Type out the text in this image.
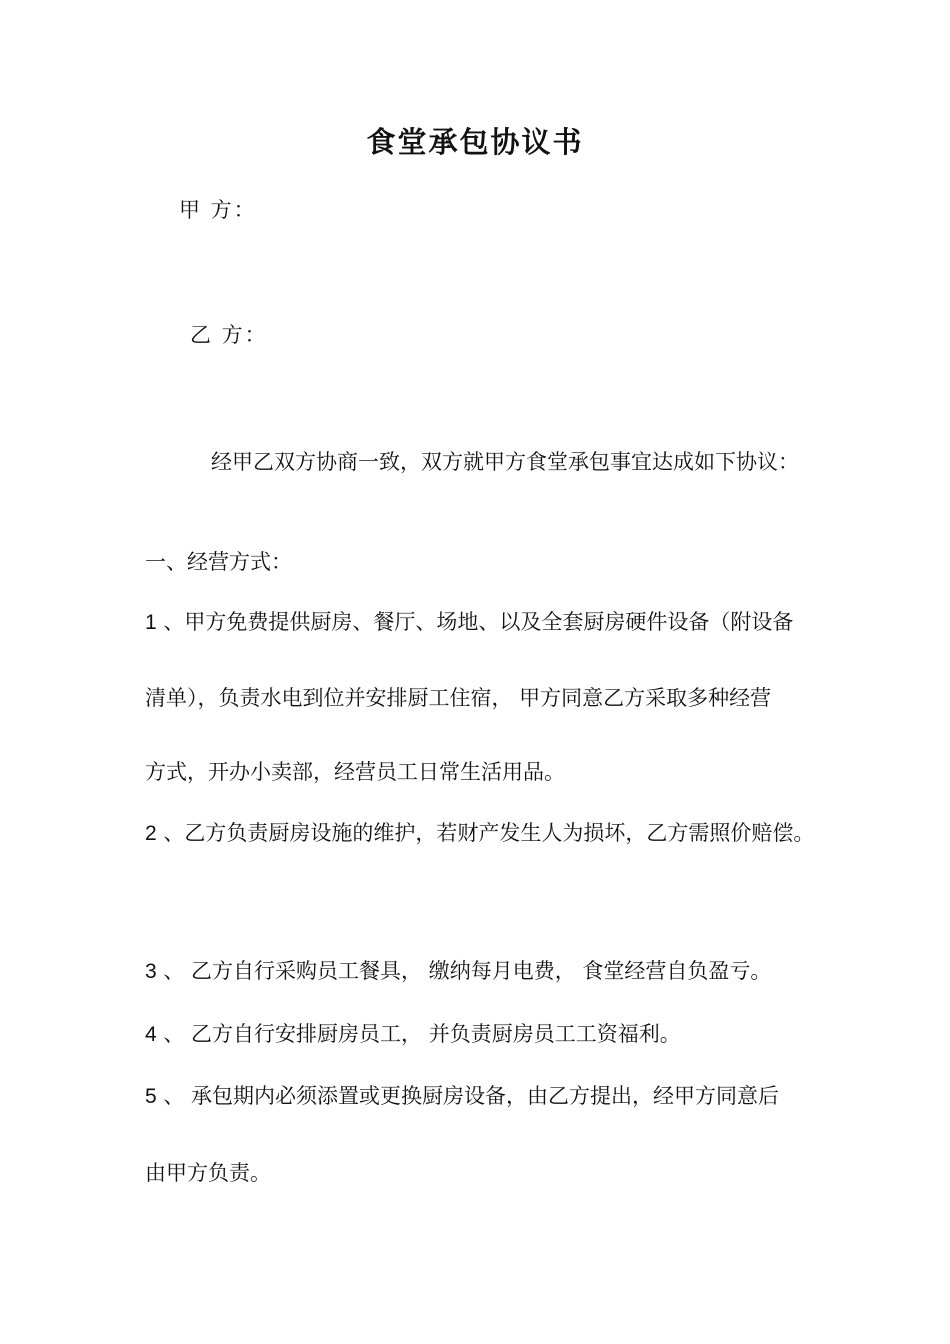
食堂承包协议书
甲 方：
乙 方：
经甲乙双方协商一致，双方就甲方食堂承包事宜达成如下协议：
一、经营方式：
1 、甲方免费提供厨房、餐厅、场地、以及全套厨房硬件设备（附设备
清单），负责水电到位并安排厨工住宿， 甲方同意乙方采取多种经营
方式，开办小卖部，经营员工日常生活用品。
2 、乙方负责厨房设施的维护，若财产发生人为损坏，乙方需照价赔偿。
3 、 乙方自行采购员工餐具， 缴纳每月电费， 食堂经营自负盈亏。
4 、 乙方自行安排厨房员工， 并负责厨房员工工资福利。
5 、 承包期内必须添置或更换厨房设备，由乙方提出，经甲方同意后
由甲方负责。
